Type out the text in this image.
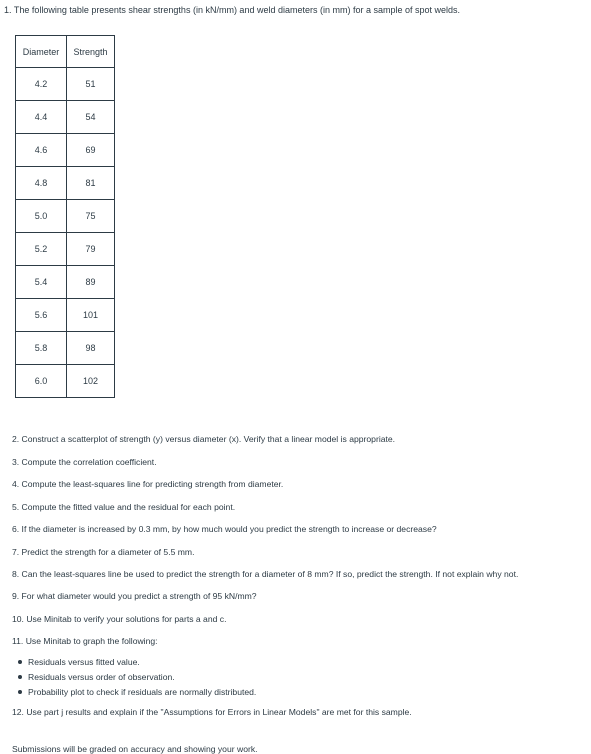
1. The following table presents shear strengths (in kN/mm) and weld diameters (in mm) for a sample of spot welds.
Diameter	Strength
4.2	51
4.4	54
4.6	69
4.8	81
5.0	75
5.2	79
5.4	89
5.6	101
5.8	98
6.0	102

2. Construct a scatterplot of strength (y) versus diameter (x). Verify that a linear model is appropriate.

3. Compute the correlation coefficient.

4. Compute the least-squares line for predicting strength from diameter.

5. Compute the fitted value and the residual for each point.

6. If the diameter is increased by 0.3 mm, by how much would you predict the strength to increase or decrease?

7. Predict the strength for a diameter of 5.5 mm.

8. Can the least-squares line be used to predict the strength for a diameter of 8 mm? If so, predict the strength. If not explain why not.

9. For what diameter would you predict a strength of 95 kN/mm?

10. Use Minitab to verify your solutions for parts a and c.

11. Use Minitab to graph the following:

Residuals versus fitted value.
Residuals versus order of observation.
Probability plot to check if residuals are normally distributed.

12. Use part j results and explain if the "Assumptions for Errors in Linear Models" are met for this sample.

Submissions will be graded on accuracy and showing your work.
